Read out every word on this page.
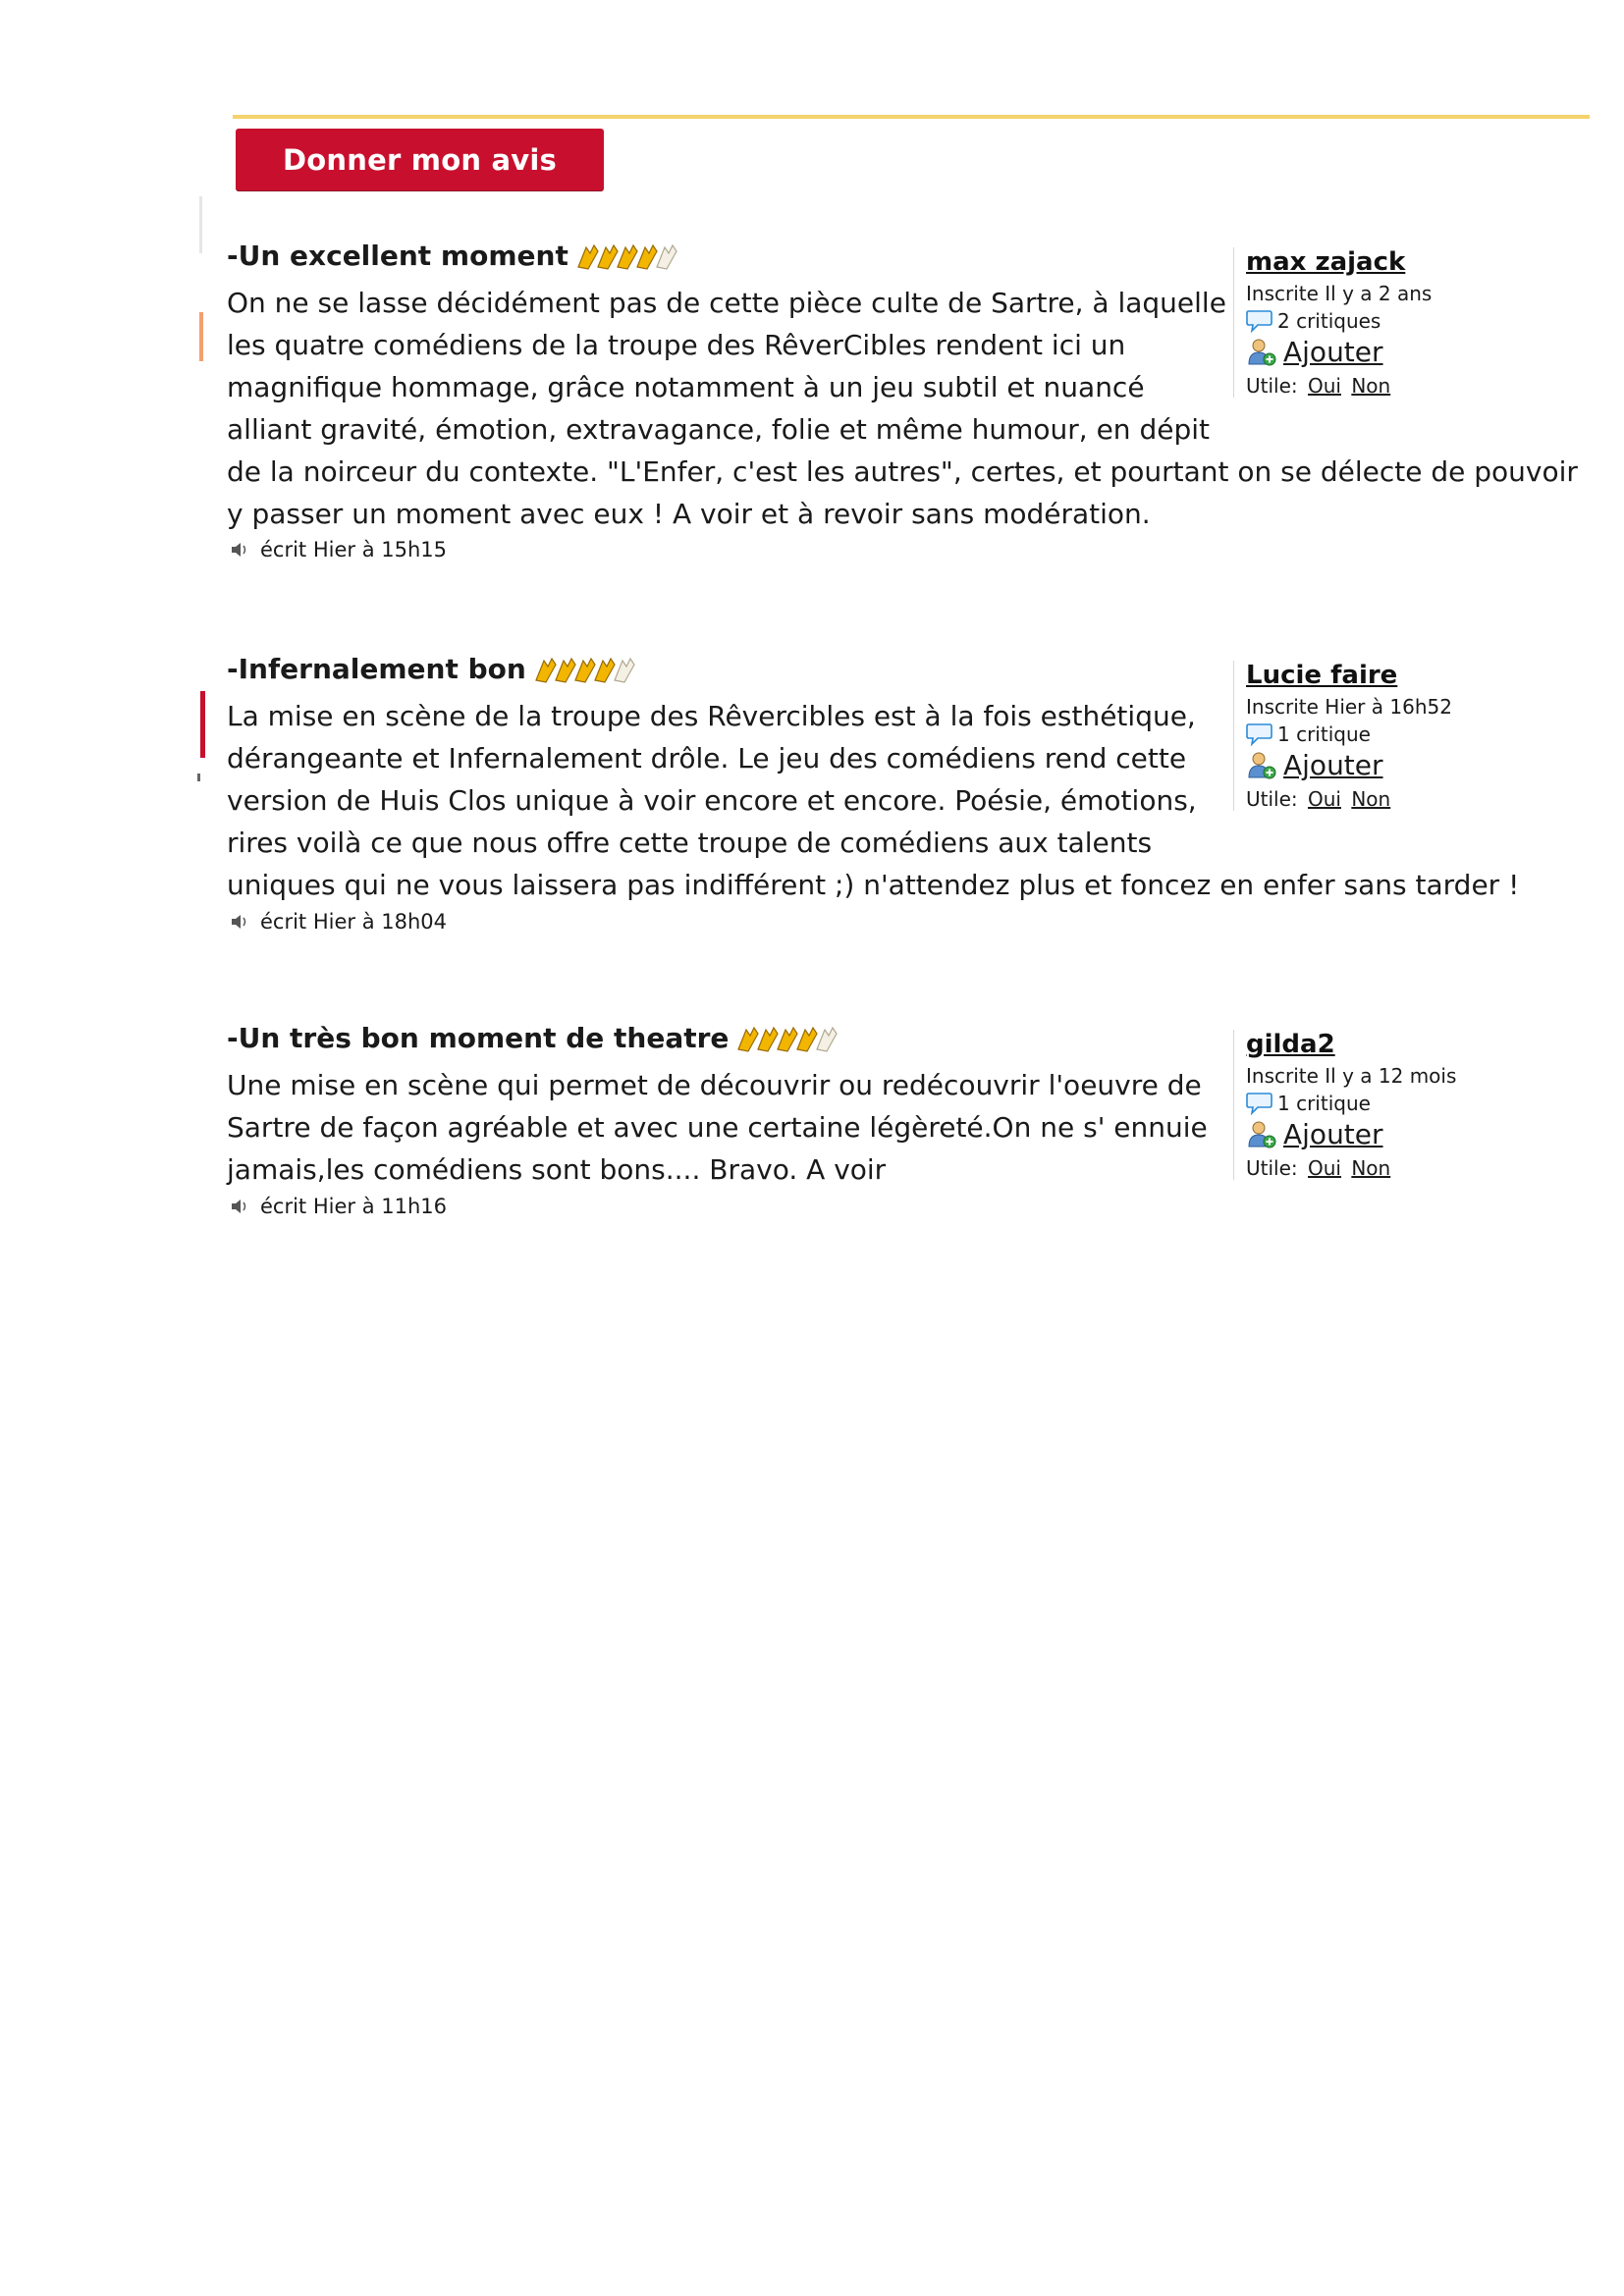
Donner mon avis
-Un excellent moment
On ne se lasse décidément pas de cette pièce culte de Sartre, à laquelle
les quatre comédiens de la troupe des RêverCibles rendent ici un
magnifique hommage, grâce notamment à un jeu subtil et nuancé
alliant gravité, émotion, extravagance, folie et même humour, en dépit
de la noirceur du contexte. "L'Enfer, c'est les autres", certes, et pourtant on se délecte de pouvoir
y passer un moment avec eux ! A voir et à revoir sans modération.
écrit Hier à 15h15
max zajack
Inscrite Il y a 2 ans
2 critiques
Ajouter
Utile: Oui Non
-Infernalement bon
La mise en scène de la troupe des Rêvercibles est à la fois esthétique,
dérangeante et Infernalement drôle. Le jeu des comédiens rend cette
version de Huis Clos unique à voir encore et encore. Poésie, émotions,
rires voilà ce que nous offre cette troupe de comédiens aux talents
uniques qui ne vous laissera pas indifférent ;) n'attendez plus et foncez en enfer sans tarder !
écrit Hier à 18h04
Lucie faire
Inscrite Hier à 16h52
1 critique
Ajouter
Utile: Oui Non
-Un très bon moment de theatre
Une mise en scène qui permet de découvrir ou redécouvrir l'oeuvre de
Sartre de façon agréable et avec une certaine légèreté.On ne s' ennuie
jamais,les comédiens sont bons.... Bravo. A voir
écrit Hier à 11h16
gilda2
Inscrite Il y a 12 mois
1 critique
Ajouter
Utile: Oui Non
